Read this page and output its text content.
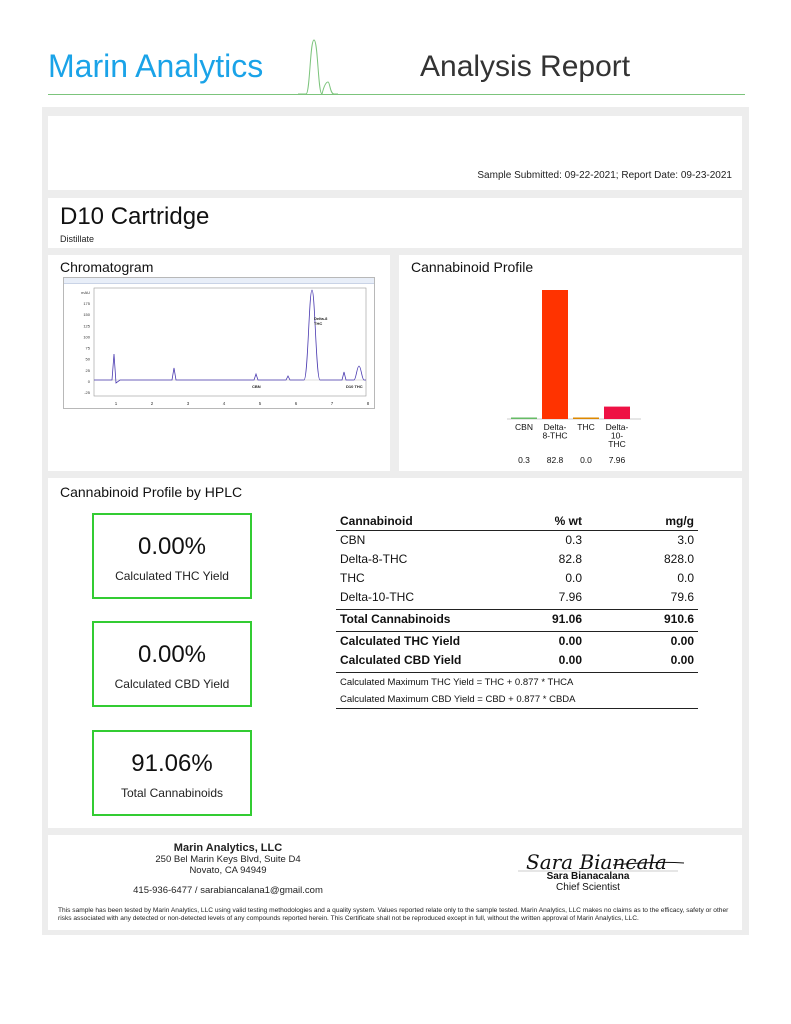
Marin Analytics	Analysis Report
Sample Submitted: 09-22-2021; Report Date: 09-23-2021
D10 Cartridge
Distillate
Chromatogram
mAU
175
150
125
100
75
50
25
0
-25
1	2	3	4	5	6	7	8
CBN
Delta-8
THC
D10 THC
Cannabinoid Profile
CBN
0.3
Delta-
8-THC
82.8
THC
0.0
Delta-
10-
THC
7.96
Cannabinoid Profile by HPLC
0.00%
Calculated THC Yield
0.00%
Calculated CBD Yield
91.06%
Total Cannabinoids
Cannabinoid	% wt	mg/g
CBN	0.3	3.0
Delta-8-THC	82.8	828.0
THC	0.0	0.0
Delta-10-THC	7.96	79.6
Total Cannabinoids	91.06	910.6
Calculated THC Yield	0.00	0.00
Calculated CBD Yield	0.00	0.00
Calculated Maximum THC Yield = THC + 0.877 * THCA
Calculated Maximum CBD Yield = CBD + 0.877 * CBDA
Marin Analytics, LLC
250 Bel Marin Keys Blvd, Suite D4
Novato, CA 94949
415-936-6477 / sarabiancalana1@gmail.com
Sara Biancala
Sara Bianacalana
Chief Scientist
This sample has been tested by Marin Analytics, LLC using valid testing methodologies and a quality system. Values reported relate only to the sample tested. Marin Analytics, LLC makes no claims as to the efficacy, safety or other risks associated with any detected or non-detected levels of any compounds reported herein. This Certificate shall not be reproduced except in full, without the written approval of Marin Analytics, LLC.
